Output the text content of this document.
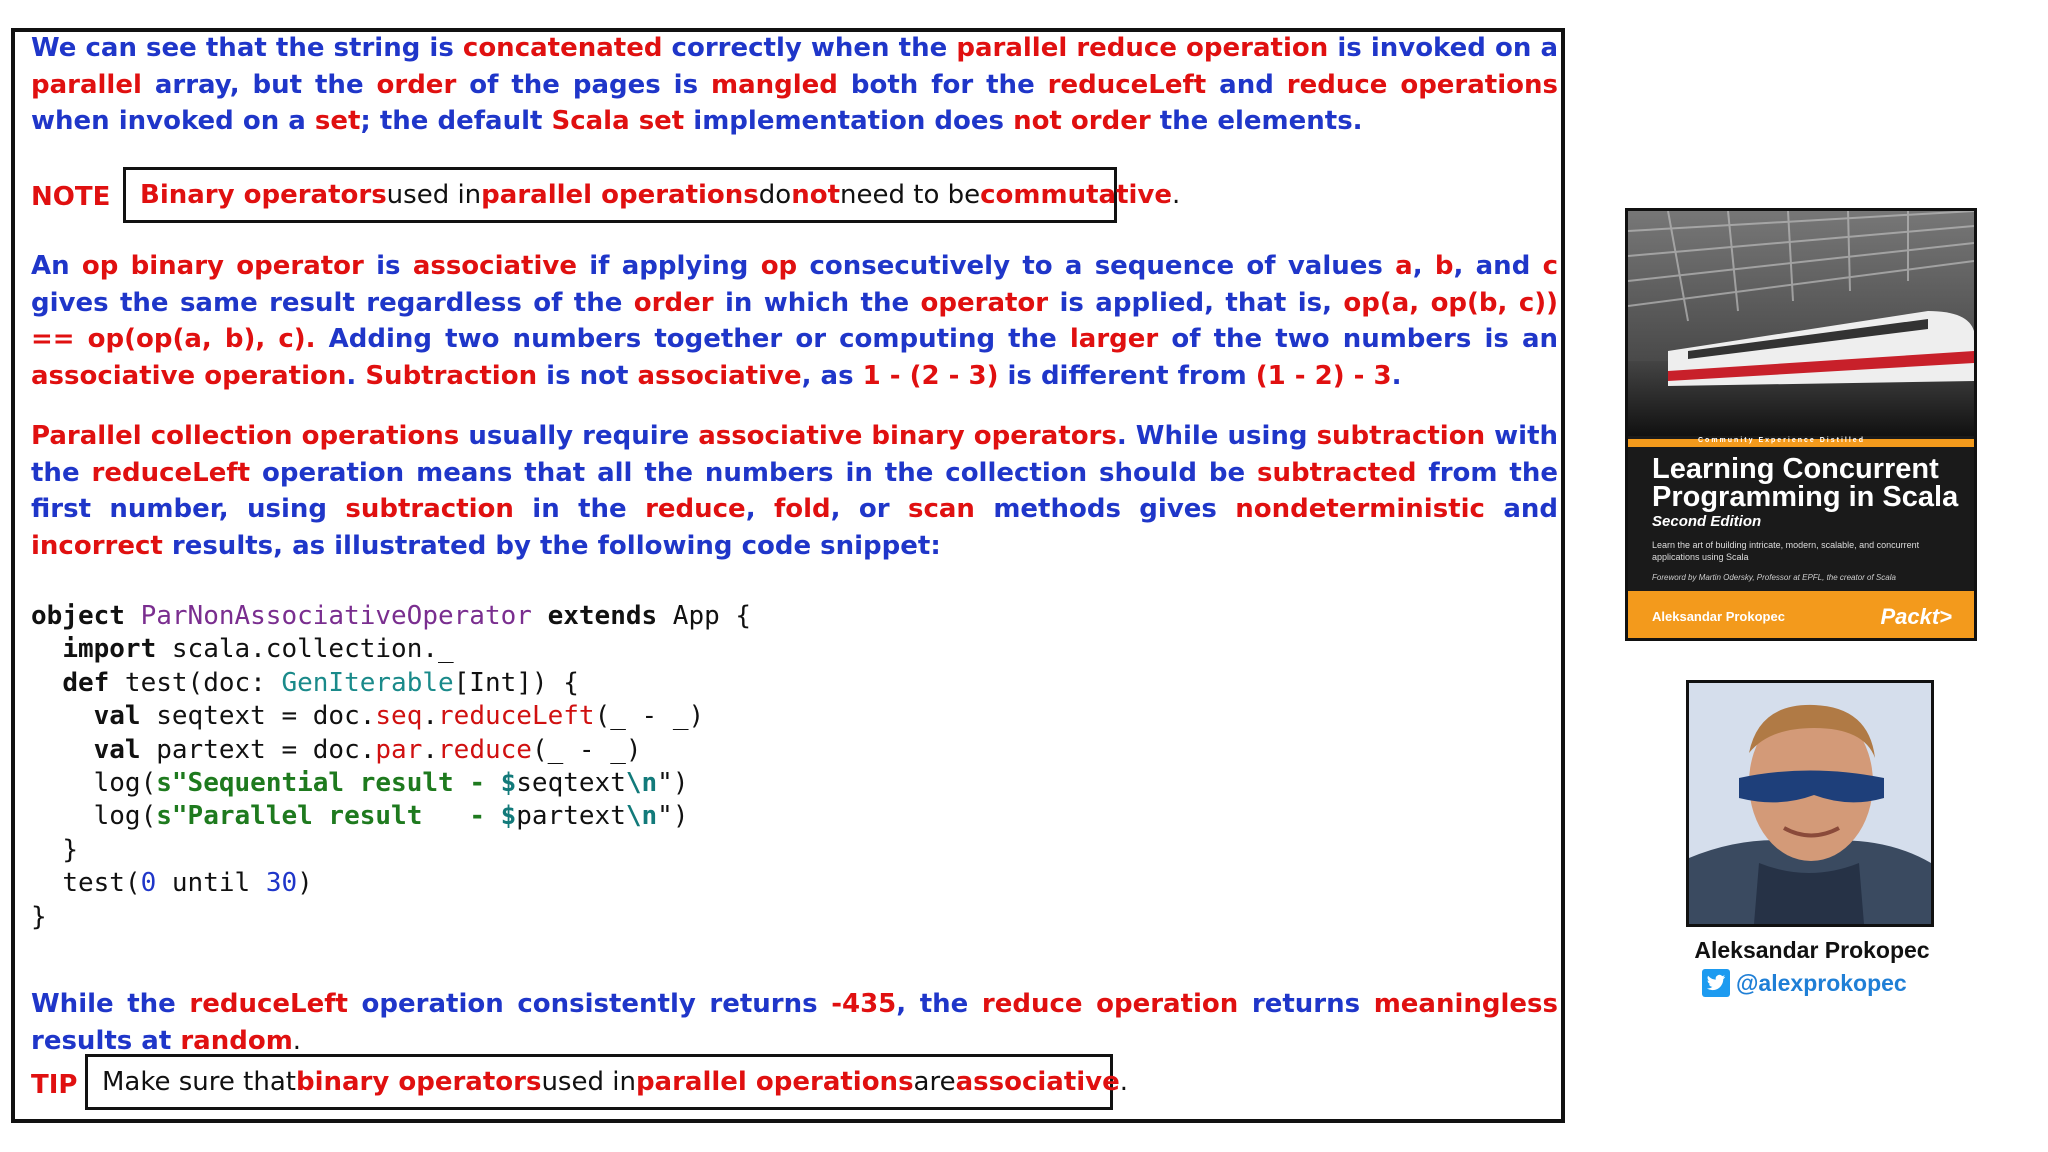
We can see that the string is concatenated correctly when the parallel reduce operation is invoked on a parallel array, but the order of the pages is mangled both for the reduceLeft and reduce operations when invoked on a set; the default Scala set implementation does not order the elements.
NOTE Binary operators used in parallel operations do not need to be commutative .
An op binary operator is associative if applying op consecutively to a sequence of values a, b, and c gives the same result regardless of the order in which the operator is applied, that is, op(a, op(b, c)) == op(op(a, b), c). Adding two numbers together or computing the larger of the two numbers is an associative operation. Subtraction is not associative, as 1 - (2 - 3) is different from (1 - 2) - 3.
Parallel collection operations usually require associative binary operators. While using subtraction with the reduceLeft operation means that all the numbers in the collection should be subtracted from the first number, using subtraction in the reduce, fold, or scan methods gives nondeterministic and incorrect results, as illustrated by the following code snippet:
object ParNonAssociativeOperator extends App {
import scala.collection._
def test(doc: GenIterable[Int]) {
val seqtext = doc.seq.reduceLeft(_ - _)
val partext = doc.par.reduce(_ - _)
log(s"Sequential result - $seqtext\n")
log(s"Parallel result   - $partext\n")
}
test(0 until 30)
}
While the reduceLeft operation consistently returns -435, the reduce operation returns meaningless results at random.
TIP Make sure that binary operators used in parallel operations are associative .
Community Experience Distilled
Learning Concurrent Programming in Scala
Second Edition
Learn the art of building intricate, modern, scalable, and concurrent applications using Scala
Foreword by Martin Odersky, Professor at EPFL, the creator of Scala
Aleksandar Prokopec	Packt>
Aleksandar Prokopec
@alexprokopec
